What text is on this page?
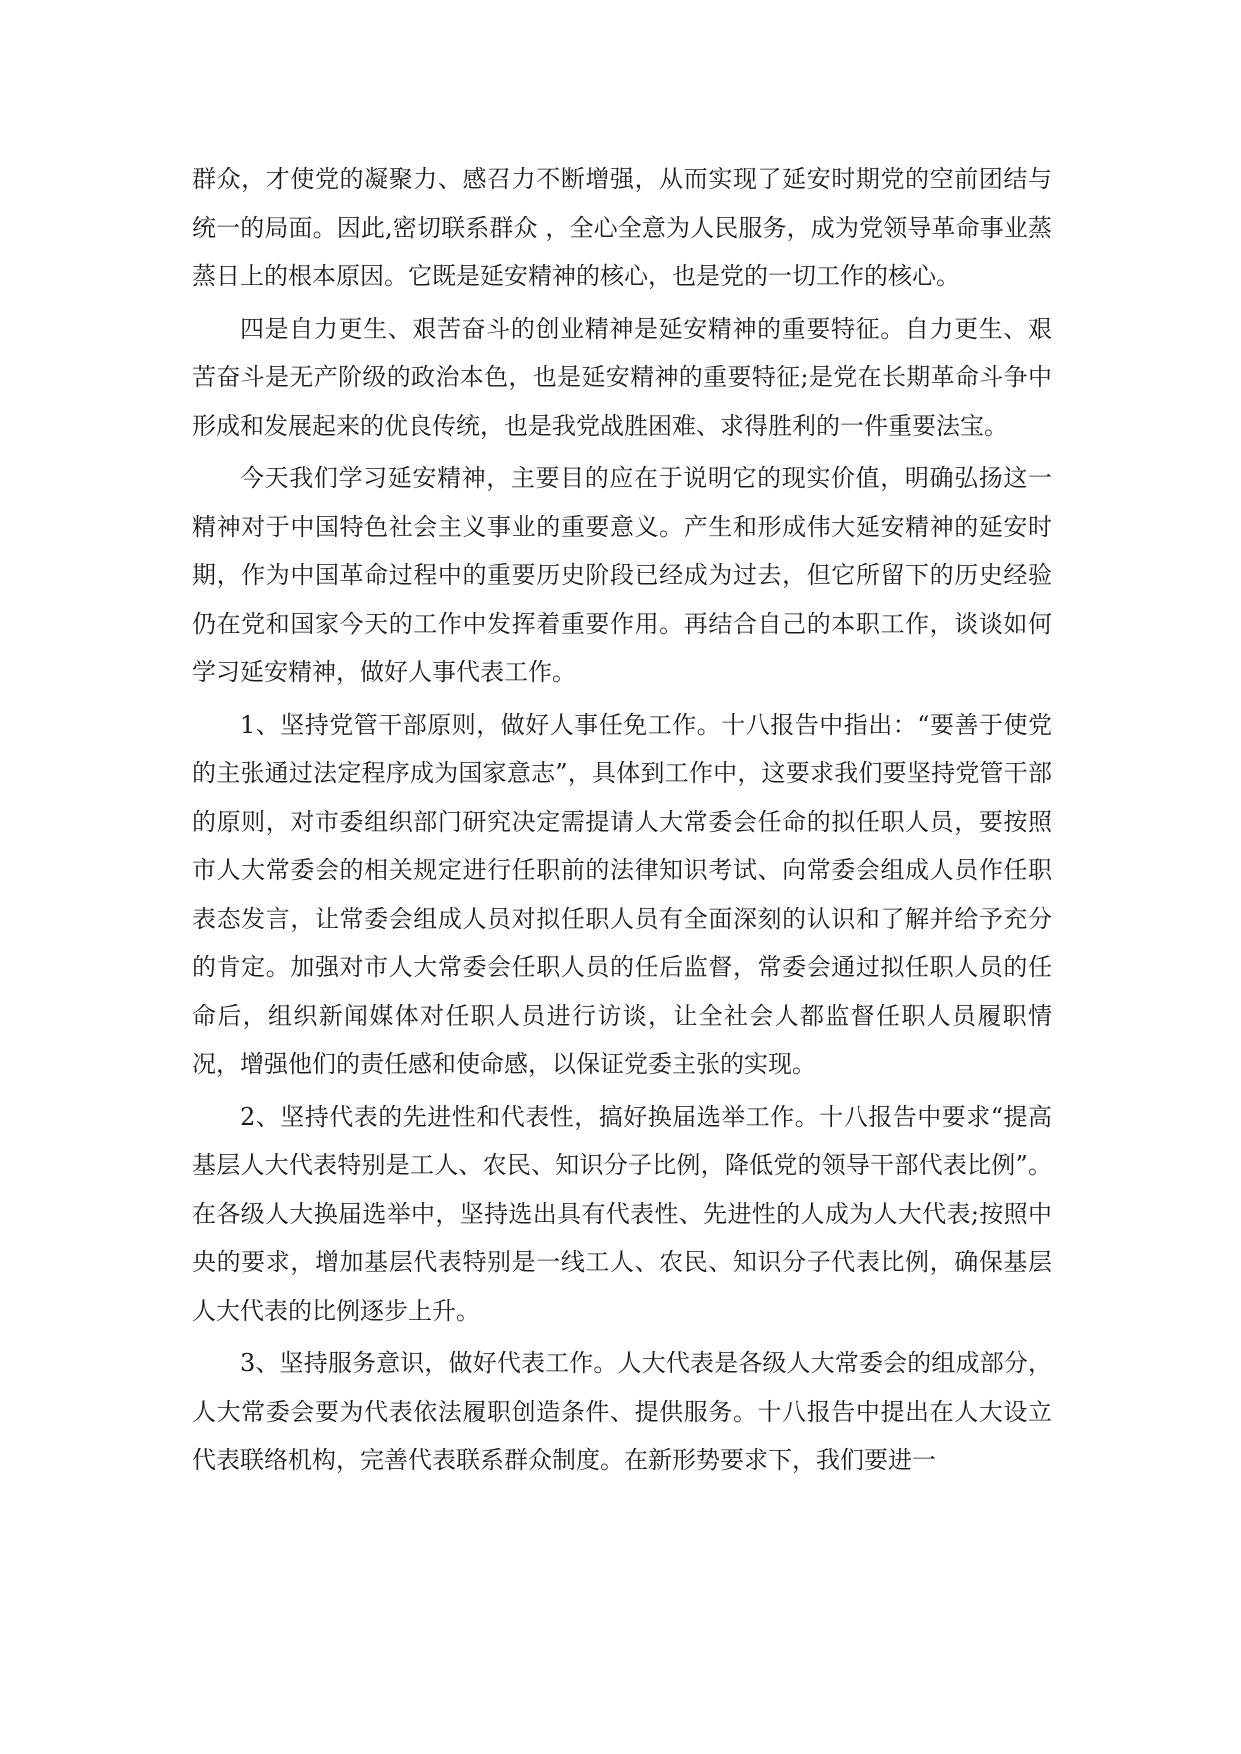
群众，才使党的凝聚力、感召力不断增强，从而实现了延安时期党的空前团结与统一的局面。因此,密切联系群众 ，全心全意为人民服务，成为党领导革命事业蒸蒸日上的根本原因。它既是延安精神的核心，也是党的一切工作的核心。

四是自力更生、艰苦奋斗的创业精神是延安精神的重要特征。自力更生、艰苦奋斗是无产阶级的政治本色，也是延安精神的重要特征;是党在长期革命斗争中形成和发展起来的优良传统，也是我党战胜困难、求得胜利的一件重要法宝。

今天我们学习延安精神，主要目的应在于说明它的现实价值，明确弘扬这一精神对于中国特色社会主义事业的重要意义。产生和形成伟大延安精神的延安时期，作为中国革命过程中的重要历史阶段已经成为过去，但它所留下的历史经验仍在党和国家今天的工作中发挥着重要作用。再结合自己的本职工作，谈谈如何学习延安精神，做好人事代表工作。

1、坚持党管干部原则，做好人事任免工作。十八报告中指出：“要善于使党的主张通过法定程序成为国家意志”，具体到工作中，这要求我们要坚持党管干部的原则，对市委组织部门研究决定需提请人大常委会任命的拟任职人员，要按照市人大常委会的相关规定进行任职前的法律知识考试、向常委会组成人员作任职表态发言，让常委会组成人员对拟任职人员有全面深刻的认识和了解并给予充分的肯定。加强对市人大常委会任职人员的任后监督，常委会通过拟任职人员的任命后，组织新闻媒体对任职人员进行访谈，让全社会人都监督任职人员履职情况，增强他们的责任感和使命感，以保证党委主张的实现。

2、坚持代表的先进性和代表性，搞好换届选举工作。十八报告中要求“提高基层人大代表特别是工人、农民、知识分子比例，降低党的领导干部代表比例”。在各级人大换届选举中，坚持选出具有代表性、先进性的人成为人大代表;按照中央的要求，增加基层代表特别是一线工人、农民、知识分子代表比例，确保基层人大代表的比例逐步上升。

3、坚持服务意识，做好代表工作。人大代表是各级人大常委会的组成部分，人大常委会要为代表依法履职创造条件、提供服务。十八报告中提出在人大设立代表联络机构，完善代表联系群众制度。在新形势要求下，我们要进一
